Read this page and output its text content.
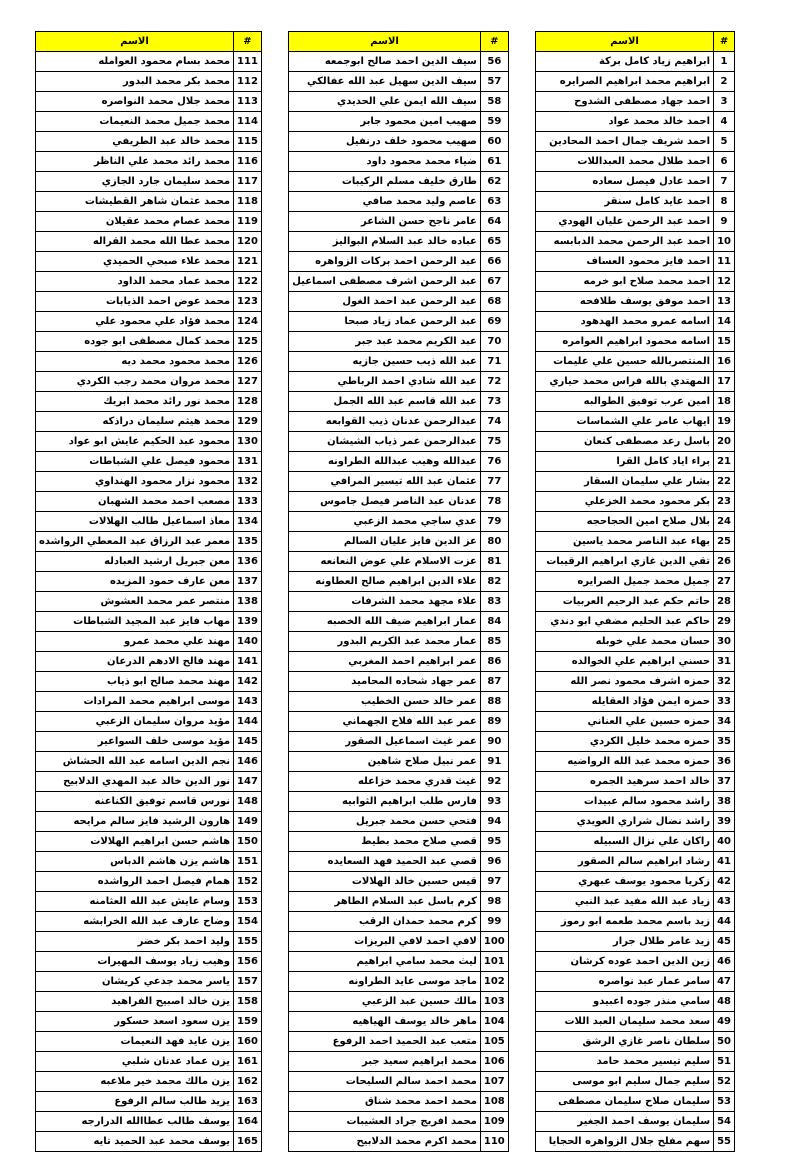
الاسم	#
ابراهيم زياد كامل بركة	1
ابراهيم محمد ابراهيم الصرايره	2
احمد جهاد مصطفى الشدوح	3
احمد خالد محمد عواد	4
احمد شريف جمال احمد المحادين	5
احمد طلال محمد العبداللات	6
احمد عادل فيصل سعاده	7
احمد عايد كامل سنقر	8
احمد عبد الرحمن عليان الهودي	9
احمد عبد الرحمن محمد الدبابسه	10
احمد فايز محمود العساف	11
احمد محمد صلاح ابو خرمه	12
احمد موفق يوسف طلافحه	13
اسامه عمرو محمد الهدهود	14
اسامه محمود ابراهيم العوامره	15
المنتصربالله حسين علي عليمات	16
المهتدي بالله فراس محمد حياري	17
امين عرب توفيق الطوالبه	18
ايهاب عامر علي الشماسات	19
باسل رعد مصطفى كنعان	20
براء اياد كامل القرا	21
بشار علي سليمان السقار	22
بكر محمود محمد الخزعلي	23
بلال صلاح امين الحجاحجه	24
بهاء عبد الناصر محمد ياسين	25
تقي الدين غازي ابراهيم الرقيبات	26
جميل محمد جميل الصرايره	27
حاتم حكم عبد الرحيم العربيات	28
حاكم عبد الحليم مضفي ابو دندي	29
حسان محمد علي خوبله	30
حسني ابراهيم علي الخوالده	31
حمزه اشرف محمود نصر الله	32
حمزه ايمن فؤاد العقايله	33
حمزه حسين علي العناني	34
حمزه محمد خليل الكردي	35
حمزه محمد عبد الله الرواضيه	36
خالد احمد سرهيد الجمره	37
راشد محمود سالم عبيدات	38
راشد نضال شراري العويدي	39
راكان علي نزال السبيله	40
رشاد ابراهيم سالم الصقور	41
زكريا محمود يوسف عبهري	42
زياد عبد الله مفيد عبد النبي	43
زيد باسم محمد طعمه ابو رموز	44
زيد عامر طلال جرار	45
زين الدين احمد عوده كرشان	46
سامر عمار عبد نواصره	47
سامي منذر جوده اعبيدو	48
سعد محمد سليمان العبد اللات	49
سلطان ناصر غازي الرشق	50
سليم تيسير محمد حامد	51
سليم جمال سليم ابو موسى	52
سليمان صلاح سليمان مصطفى	53
سليمان يوسف احمد الجغير	54
سهم مفلح جلال الزواهره الحجايا	55
الاسم	#
سيف الدين احمد صالح ابوجمعه	56
سيف الدين سهيل عبد الله عفالكي	57
سيف الله ايمن علي الحديدي	58
صهيب امين محمود جابر	59
صهيب محمود خلف درنفيل	60
ضياء محمد محمود داود	61
طارق خليف مسلم الركيبات	62
عاصم وليد محمد صافي	63
عامر ناجح حسن الشاعر	64
عباده خالد عبد السلام البواليز	65
عبد الرحمن احمد بركات الزواهره	66
عبد الرحمن اشرف مصطفى اسماعيل	67
عبد الرحمن عبد احمد الغول	68
عبد الرحمن عماد زياد صبحا	69
عبد الكريم محمد عبد جبر	70
عبد الله ذيب حسين جازيه	71
عبد الله شادي احمد الرباطي	72
عبد الله قاسم عبد الله الجمل	73
عبدالرحمن عدنان ذيب القوابعه	74
عبدالرحمن عمر ذياب الشيشان	75
عبدالله وهيب عبدالله الطراونه	76
عثمان عبد الله تيسير المرافي	77
عدنان عبد الناصر فيصل جاموس	78
عدي ساجي محمد الزعبي	79
عز الدين فايز عليان السالم	80
عزت الاسلام علي عوض النعانعه	81
علاء الدين ابراهيم صالح العطاونه	82
علاء مجهد محمد الشرفات	83
عمار ابراهيم ضيف الله الخصبه	84
عمار محمد عبد الكريم البدور	85
عمر ابراهيم احمد المغربي	86
عمر جهاد شحاده المحاميد	87
عمر خالد حسن الخطيب	88
عمر عبد الله فلاح الجهماني	89
عمر غيث اسماعيل الصقور	90
عمر نبيل صلاح شاهين	91
غيث قدري محمد خزاعله	92
فارس طلب ابراهيم الثوابيه	93
فتحي حسن محمد جبريل	94
قصي صلاح محمد بطيط	95
قصي عبد الحميد فهد السعايده	96
قيس حسين خالد الهلالات	97
كرم باسل عبد السلام الطاهر	98
كرم محمد حمدان الرقب	99
لافي احمد لافي البريزات	100
ليث محمد سامي ابراهيم	101
ماجد موسى عايد الطراونه	102
مالك حسين عبد الزعبي	103
ماهر خالد يوسف الهياهيه	104
متعب عبد الحميد احمد الرفوع	105
محمد ابراهيم سعيد جبر	106
محمد احمد سالم السليحات	107
محمد احمد محمد شناق	108
محمد افريج جراد العشيبات	109
محمد اكرم محمد الدلابيح	110
الاسم	#
محمد بسام محمود العوامله	111
محمد بكر محمد البدور	112
محمد جلال محمد النواصره	113
محمد جميل محمد النعيمات	114
محمد خالد عبد الطريفي	115
محمد رائد محمد علي الناظر	116
محمد سليمان جارد الجازي	117
محمد عثمان شاهر القطيشات	118
محمد عصام محمد عقيلان	119
محمد عطا الله محمد القراله	120
محمد علاء صبحي الحميدي	121
محمد عماد محمد الداود	122
محمد عوض احمد الذيابات	123
محمد فؤاد علي محمود علي	124
محمد كمال مصطفى ابو جوده	125
محمد محمود محمد ديه	126
محمد مروان محمد رجب الكردي	127
محمد نور رائد محمد ابريك	128
محمد هيثم سليمان دراذكه	129
محمود عبد الحكيم عايش ابو عواد	130
محمود فيصل علي الشباطات	131
محمود نزار محمود الهنداوي	132
مصعب احمد محمد الشهبان	133
معاذ اسماعيل طالب الهلالات	134
معمر عبد الرزاق عبد المعطي الرواشده	135
معن جبريل ارشيد العبادله	136
معن عارف حمود المزيده	137
منتصر عمر محمد العشوش	138
مهاب فايز عبد المجيد الشباطات	139
مهند علي محمد عمرو	140
مهند فالح الادهم الدرعان	141
مهند محمد صالح ابو ذياب	142
موسى ابراهيم محمد المرادات	143
مؤيد مروان سليمان الزعبي	144
مؤيد موسى خلف السواعير	145
نجم الدين اسامه عبد الله الحشاش	146
نور الدين خالد عبد المهدي الدلابيح	147
نورس قاسم توفيق الكناعنه	148
هارون الرشيد فايز سالم مرايحه	149
هاشم حسن ابراهيم الهلالات	150
هاشم يزن هاشم الدباس	151
همام فيصل احمد الرواشده	152
وسام عايش عبد الله العثامنه	153
وضاح عارف عبد الله الخرابشه	154
وليد احمد بكر خضر	155
وهيب زياد يوسف المهيرات	156
ياسر محمد جدعي كريشان	157
يزن خالد اصبيح الفراهيد	158
يزن سعود اسعد حسكور	159
يزن عايد فهد النعيمات	160
يزن عماد عدنان شلبي	161
يزن مالك محمد خير ملاعبه	162
يزيد طالب سالم الرفوع	163
يوسف طالب عطاالله الدرارجه	164
يوسف محمد عبد الحميد تايه	165
